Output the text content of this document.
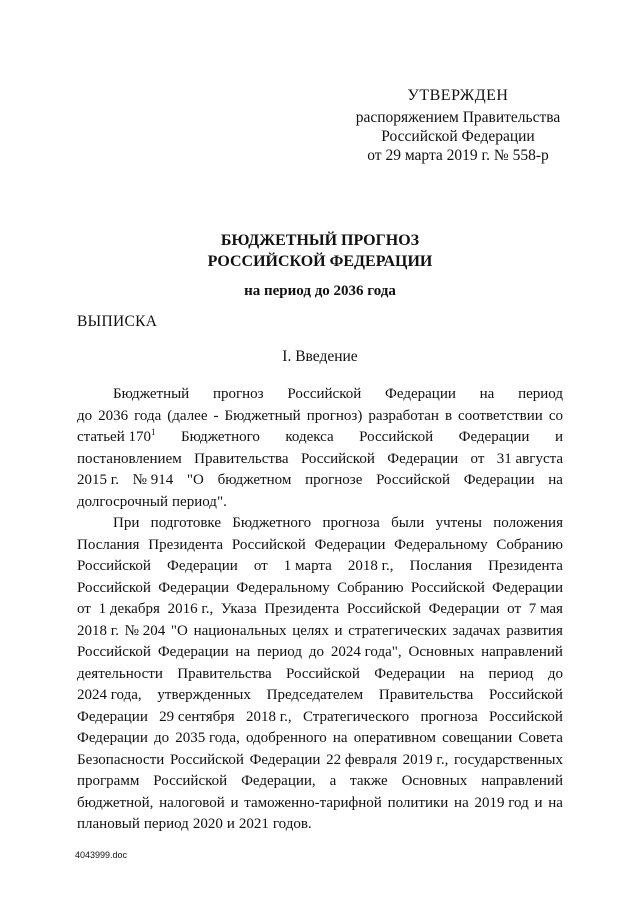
УТВЕРЖДЕН
распоряжением Правительства
Российской Федерации
от 29 марта 2019 г. № 558-р
БЮДЖЕТНЫЙ ПРОГНОЗ
РОССИЙСКОЙ ФЕДЕРАЦИИ
на период до 2036 года
ВЫПИСКА
I. Введение
Бюджетный прогноз Российской Федерации на период
до 2036 года (далее - Бюджетный прогноз) разработан в соответствии со
статьей $170^1$ Бюджетного кодекса Российской Федерации и
постановлением Правительства Российской Федерации от 31 августа
2015 г. № 914 "О бюджетном прогнозе Российской Федерации на
долгосрочный период".
При подготовке Бюджетного прогноза были учтены положения
Послания Президента Российской Федерации Федеральному Собранию
Российской Федерации от 1 марта 2018 г., Послания Президента
Российской Федерации Федеральному Собранию Российской Федерации
от 1 декабря 2016 г., Указа Президента Российской Федерации от 7 мая
2018 г. № 204 "О национальных целях и стратегических задачах развития
Российской Федерации на период до 2024 года", Основных направлений
деятельности Правительства Российской Федерации на период до
2024 года, утвержденных Председателем Правительства Российской
Федерации 29 сентября 2018 г., Стратегического прогноза Российской
Федерации до 2035 года, одобренного на оперативном совещании Совета
Безопасности Российской Федерации 22 февраля 2019 г., государственных
программ Российской Федерации, а также Основных направлений
бюджетной, налоговой и таможенно-тарифной политики на 2019 год и на
плановый период 2020 и 2021 годов.
4043999.doc
